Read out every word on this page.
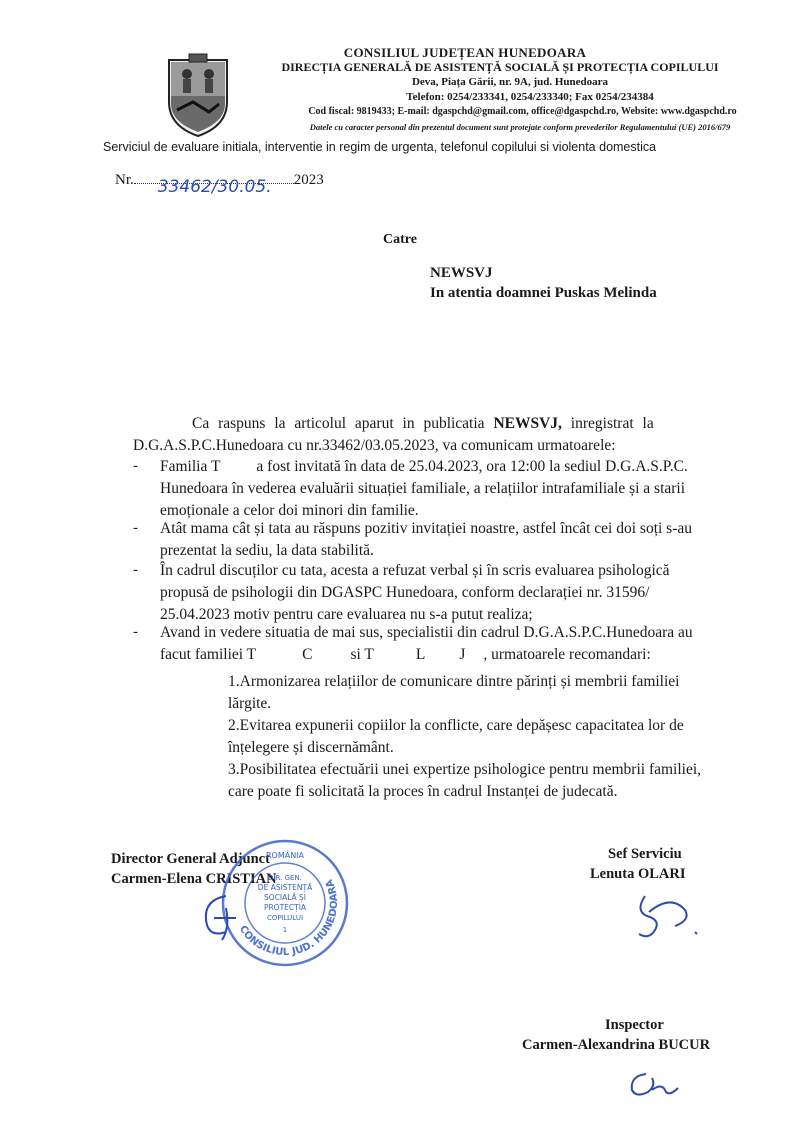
CONSILIUL JUDEȚEAN HUNEDOARA
DIRECȚIA GENERALĂ DE ASISTENȚĂ SOCIALĂ ȘI PROTECȚIA COPILULUI
Deva, Piața Gării, nr. 9A, jud. Hunedoara
Telefon: 0254/233341, 0254/233340; Fax 0254/234384
Cod fiscal: 9819433; E-mail: dgaspchd@gmail.com, office@dgaspchd.ro, Website: www.dgaspchd.ro
Datele cu caracter personal din prezentul document sunt protejate conform prevederilor Regulamentului (UE) 2016/679
Serviciul de evaluare initiala, interventie in regim de urgenta, telefonul copilului si violenta domestica
Nr. 33462/30.05. 2023
Catre
NEWSVJ
In atentia doamnei Puskas Melinda
Ca raspuns la articolul aparut in publicatia NEWSVJ, inregistrat la
D.G.A.S.P.C.Hunedoara cu nr.33462/03.05.2023, va comunicam urmatoarele:
- Familia T a fost invitată în data de 25.04.2023, ora 12:00 la sediul D.G.A.S.P.C.
Hunedoara în vederea evaluării situației familiale, a relațiilor intrafamiliale și a starii
emoționale a celor doi minori din familie.
- Atât mama cât și tata au răspuns pozitiv invitației noastre, astfel încât cei doi soți s-au
prezentat la sediu, la data stabilită.
- În cadrul discuților cu tata, acesta a refuzat verbal și în scris evaluarea psihologică
propusă de psihologii din DGASPC Hunedoara, conform declarației nr. 31596/
25.04.2023 motiv pentru care evaluarea nu s-a putut realiza;
- Avand in vedere situatia de mai sus, specialistii din cadrul D.G.A.S.P.C.Hunedoara au
facut familiei T	C si T	L J , urmatoarele recomandari:
1.Armonizarea relațiilor de comunicare dintre părinți și membrii familiei
lărgite.
2.Evitarea expunerii copiilor la conflicte, care depășesc capacitatea lor de
înțelegere și discernământ.
3.Posibilitatea efectuării unei expertize psihologice pentru membrii familiei,
care poate fi solicitată la proces în cadrul Instanței de judecată.
Director General Adjunct
Carmen-Elena CRISTIAN
Sef Serviciu
Lenuta OLARI
Inspector
Carmen-Alexandrina BUCUR
CONSILIUL JUD. HUNEDOARA
ROMÂNIA
DIR. GEN.
DE ASISTENȚĂ
SOCIALĂ ȘI
PROTECȚIA
COPILULUI
1
